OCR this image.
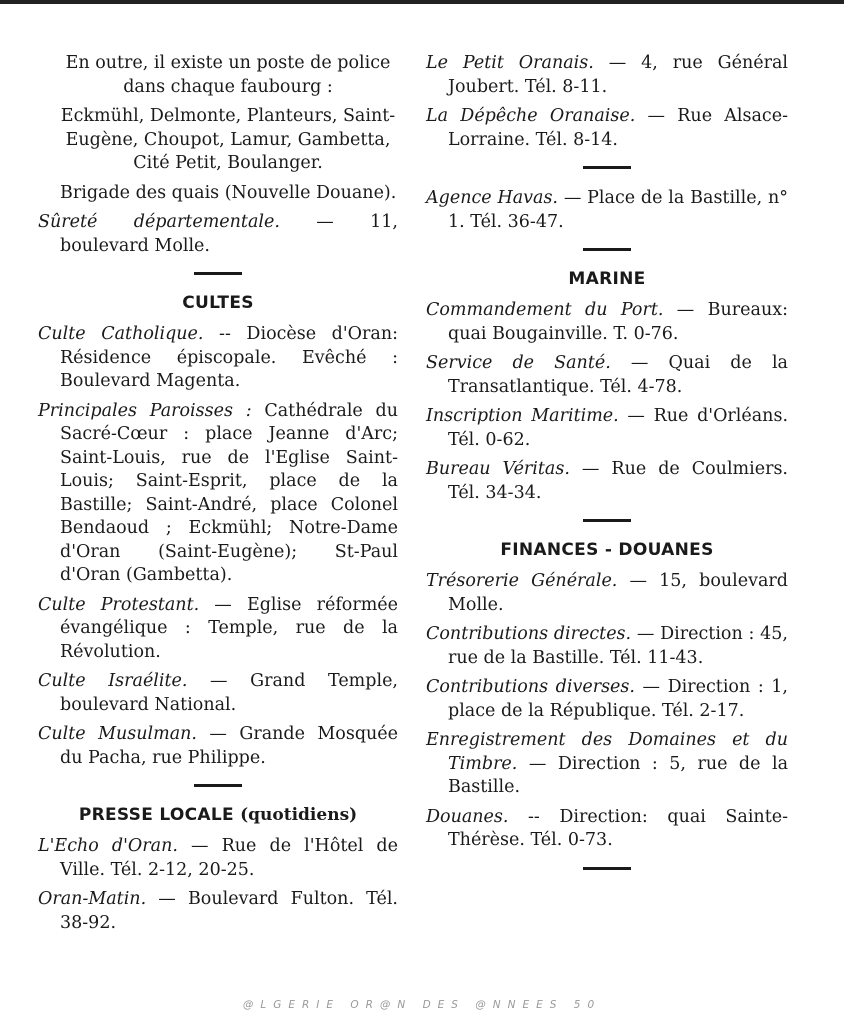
En outre, il existe un poste de police dans chaque faubourg :

Eckmühl, Delmonte, Planteurs, Saint-Eugène, Choupot, Lamur, Gambetta, Cité Petit, Boulanger.

Brigade des quais (Nouvelle Douane).

Sûreté départementale. — 11, boulevard Molle.

CULTES

Culte Catholique. -- Diocèse d'Oran: Résidence épiscopale. Evêché : Boulevard Magenta.

Principales Paroisses : Cathédrale du Sacré-Cœur : place Jeanne d'Arc; Saint-Louis, rue de l'Eglise Saint-Louis; Saint-Esprit, place de la Bastille; Saint-André, place Colonel Bendaoud ; Eckmühl; Notre-Dame d'Oran (Saint-Eugène); St-Paul d'Oran (Gambetta).

Culte Protestant. — Eglise réformée évangélique : Temple, rue de la Révolution.

Culte Israélite. — Grand Temple, boulevard National.

Culte Musulman. — Grande Mosquée du Pacha, rue Philippe.

PRESSE LOCALE (quotidiens)

L'Echo d'Oran. — Rue de l'Hôtel de Ville. Tél. 2-12, 20-25.

Oran-Matin. — Boulevard Fulton. Tél. 38-92.

Le Petit Oranais. — 4, rue Général Joubert. Tél. 8-11.

La Dépêche Oranaise. — Rue Alsace-Lorraine. Tél. 8-14.

Agence Havas. — Place de la Bastille, n° 1. Tél. 36-47.

MARINE

Commandement du Port. — Bureaux: quai Bougainville. T. 0-76.

Service de Santé. — Quai de la Transatlantique. Tél. 4-78.

Inscription Maritime. — Rue d'Orléans. Tél. 0-62.

Bureau Véritas. — Rue de Coulmiers. Tél. 34-34.

FINANCES - DOUANES

Trésorerie Générale. — 15, boulevard Molle.

Contributions directes. — Direction : 45, rue de la Bastille. Tél. 11-43.

Contributions diverses. — Direction : 1, place de la République. Tél. 2-17.

Enregistrement des Domaines et du Timbre. — Direction : 5, rue de la Bastille.

Douanes. -- Direction: quai Sainte-Thérèse. Tél. 0-73.

@LGERIE OR@N DES @NNEES 50
